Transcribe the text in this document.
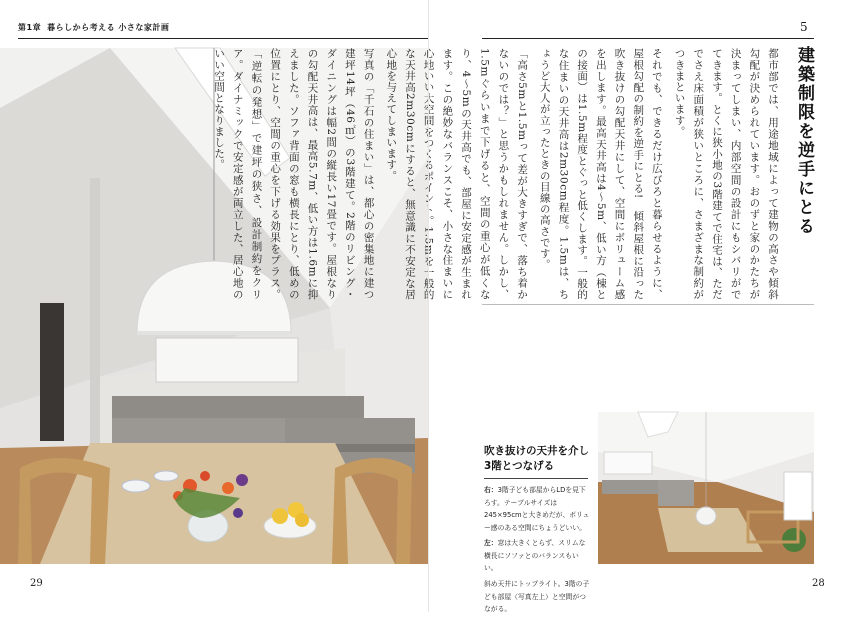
第1章 暮らしから考える 小さな家計画	5
建築制限を逆手にとる

都市部では、用途地域によって建物の高さや傾斜勾配が決められています。おのずと家のかたちが決まってしまい、内部空間の設計にもシバリがでてきます。とくに狭小地の3階建てで住宅は、ただでさえ床面積が狭いところに、さまざまな制約がつきまといます。

それでも、できるだけ広びろと暮らせるように、屋根勾配の制約を逆手にとる!　傾斜屋根に沿った吹き抜けの勾配天井にして、空間にボリューム感を出します。最高天井高は4～5m、低い方（棟との接面）は1.5m程度とぐっと低くします。一般的な住まいの天井高は2m30cm程度。1.5mは、ちょうど大人が立ったときの目線の高さです。

「高さ5mと1.5mって差が大きすぎで、落ち着かないのでは？」と思うかもしれません。しかし、1.5mぐらいまで下げると、空間の重心が低くなり、4～5mの天井高でも、部屋に安定感が生まれます。この絶妙なバランスこそ、小さな住まいに な天井高2m30cmにすると、無意識に不安定な居心地を与えてしまいます。

写真の「千石の住まい」は、都心の密集地に建つ建坪14坪（46㎡）の3階建て。2階のリビング・ダイニングは幅2間の縦長い17畳です。屋根なりの勾配天井高は、最高5.7m、低い方は1.6mに抑えました。ソファ背面の窓も横長にとり、低めの位置にとり、空間の重心を下げる効果をプラス。「逆転の発想」で建坪の狭さ、設計制約をクリア。ダイナミックで安定感が両立した、居心地のいい空間となりました。

吹き抜けの天井を介し
3階とつなげる

右：3階子ども部屋からLDを見下ろす。テーブルサイズは245×95cmと大きめだが、ボリュー感のある空間にちょうどいい。

左：窓は大きくとらず、スリムな横長にソファとのバランスもいい。

斜め天井にトップライト。3階の子ども部屋（写真左上）と空間がつながる。

29	28
